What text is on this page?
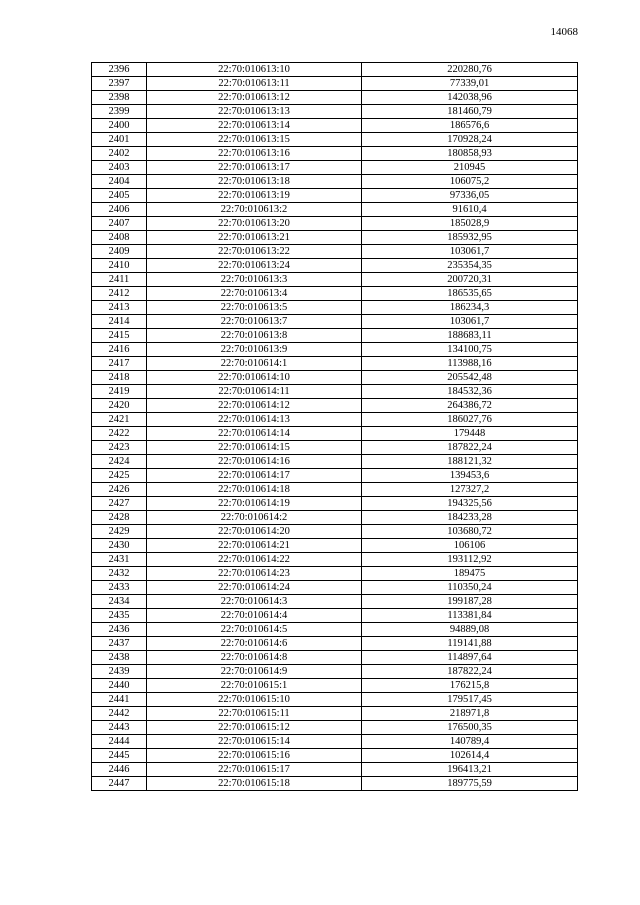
14068
2396	22:70:010613:10	220280,76
2397	22:70:010613:11	77339,01
2398	22:70:010613:12	142038,96
2399	22:70:010613:13	181460,79
2400	22:70:010613:14	186576,6
2401	22:70:010613:15	170928,24
2402	22:70:010613:16	180858,93
2403	22:70:010613:17	210945
2404	22:70:010613:18	106075,2
2405	22:70:010613:19	97336,05
2406	22:70:010613:2	91610,4
2407	22:70:010613:20	185028,9
2408	22:70:010613:21	185932,95
2409	22:70:010613:22	103061,7
2410	22:70:010613:24	235354,35
2411	22:70:010613:3	200720,31
2412	22:70:010613:4	186535,65
2413	22:70:010613:5	186234,3
2414	22:70:010613:7	103061,7
2415	22:70:010613:8	188683,11
2416	22:70:010613:9	134100,75
2417	22:70:010614:1	113988,16
2418	22:70:010614:10	205542,48
2419	22:70:010614:11	184532,36
2420	22:70:010614:12	264386,72
2421	22:70:010614:13	186027,76
2422	22:70:010614:14	179448
2423	22:70:010614:15	187822,24
2424	22:70:010614:16	188121,32
2425	22:70:010614:17	139453,6
2426	22:70:010614:18	127327,2
2427	22:70:010614:19	194325,56
2428	22:70:010614:2	184233,28
2429	22:70:010614:20	103680,72
2430	22:70:010614:21	106106
2431	22:70:010614:22	193112,92
2432	22:70:010614:23	189475
2433	22:70:010614:24	110350,24
2434	22:70:010614:3	199187,28
2435	22:70:010614:4	113381,84
2436	22:70:010614:5	94889,08
2437	22:70:010614:6	119141,88
2438	22:70:010614:8	114897,64
2439	22:70:010614:9	187822,24
2440	22:70:010615:1	176215,8
2441	22:70:010615:10	179517,45
2442	22:70:010615:11	218971,8
2443	22:70:010615:12	176500,35
2444	22:70:010615:14	140789,4
2445	22:70:010615:16	102614,4
2446	22:70:010615:17	196413,21
2447	22:70:010615:18	189775,59
